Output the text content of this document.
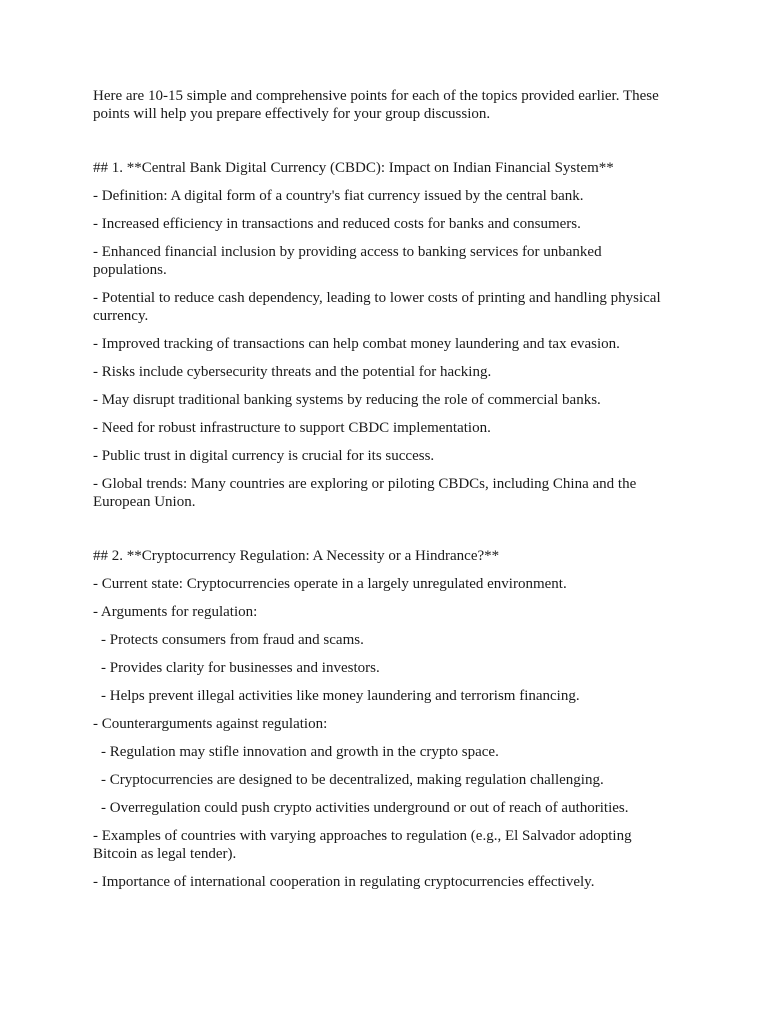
Here are 10-15 simple and comprehensive points for each of the topics provided earlier. These points will help you prepare effectively for your group discussion.

## 1. **Central Bank Digital Currency (CBDC): Impact on Indian Financial System**

- Definition: A digital form of a country's fiat currency issued by the central bank.

- Increased efficiency in transactions and reduced costs for banks and consumers.

- Enhanced financial inclusion by providing access to banking services for unbanked populations.

- Potential to reduce cash dependency, leading to lower costs of printing and handling physical currency.

- Improved tracking of transactions can help combat money laundering and tax evasion.

- Risks include cybersecurity threats and the potential for hacking.

- May disrupt traditional banking systems by reducing the role of commercial banks.

- Need for robust infrastructure to support CBDC implementation.

- Public trust in digital currency is crucial for its success.

- Global trends: Many countries are exploring or piloting CBDCs, including China and the European Union.

## 2. **Cryptocurrency Regulation: A Necessity or a Hindrance?**

- Current state: Cryptocurrencies operate in a largely unregulated environment.

- Arguments for regulation:

- Protects consumers from fraud and scams.

- Provides clarity for businesses and investors.

- Helps prevent illegal activities like money laundering and terrorism financing.

- Counterarguments against regulation:

- Regulation may stifle innovation and growth in the crypto space.

- Cryptocurrencies are designed to be decentralized, making regulation challenging.

- Overregulation could push crypto activities underground or out of reach of authorities.

- Examples of countries with varying approaches to regulation (e.g., El Salvador adopting Bitcoin as legal tender).

- Importance of international cooperation in regulating cryptocurrencies effectively.
